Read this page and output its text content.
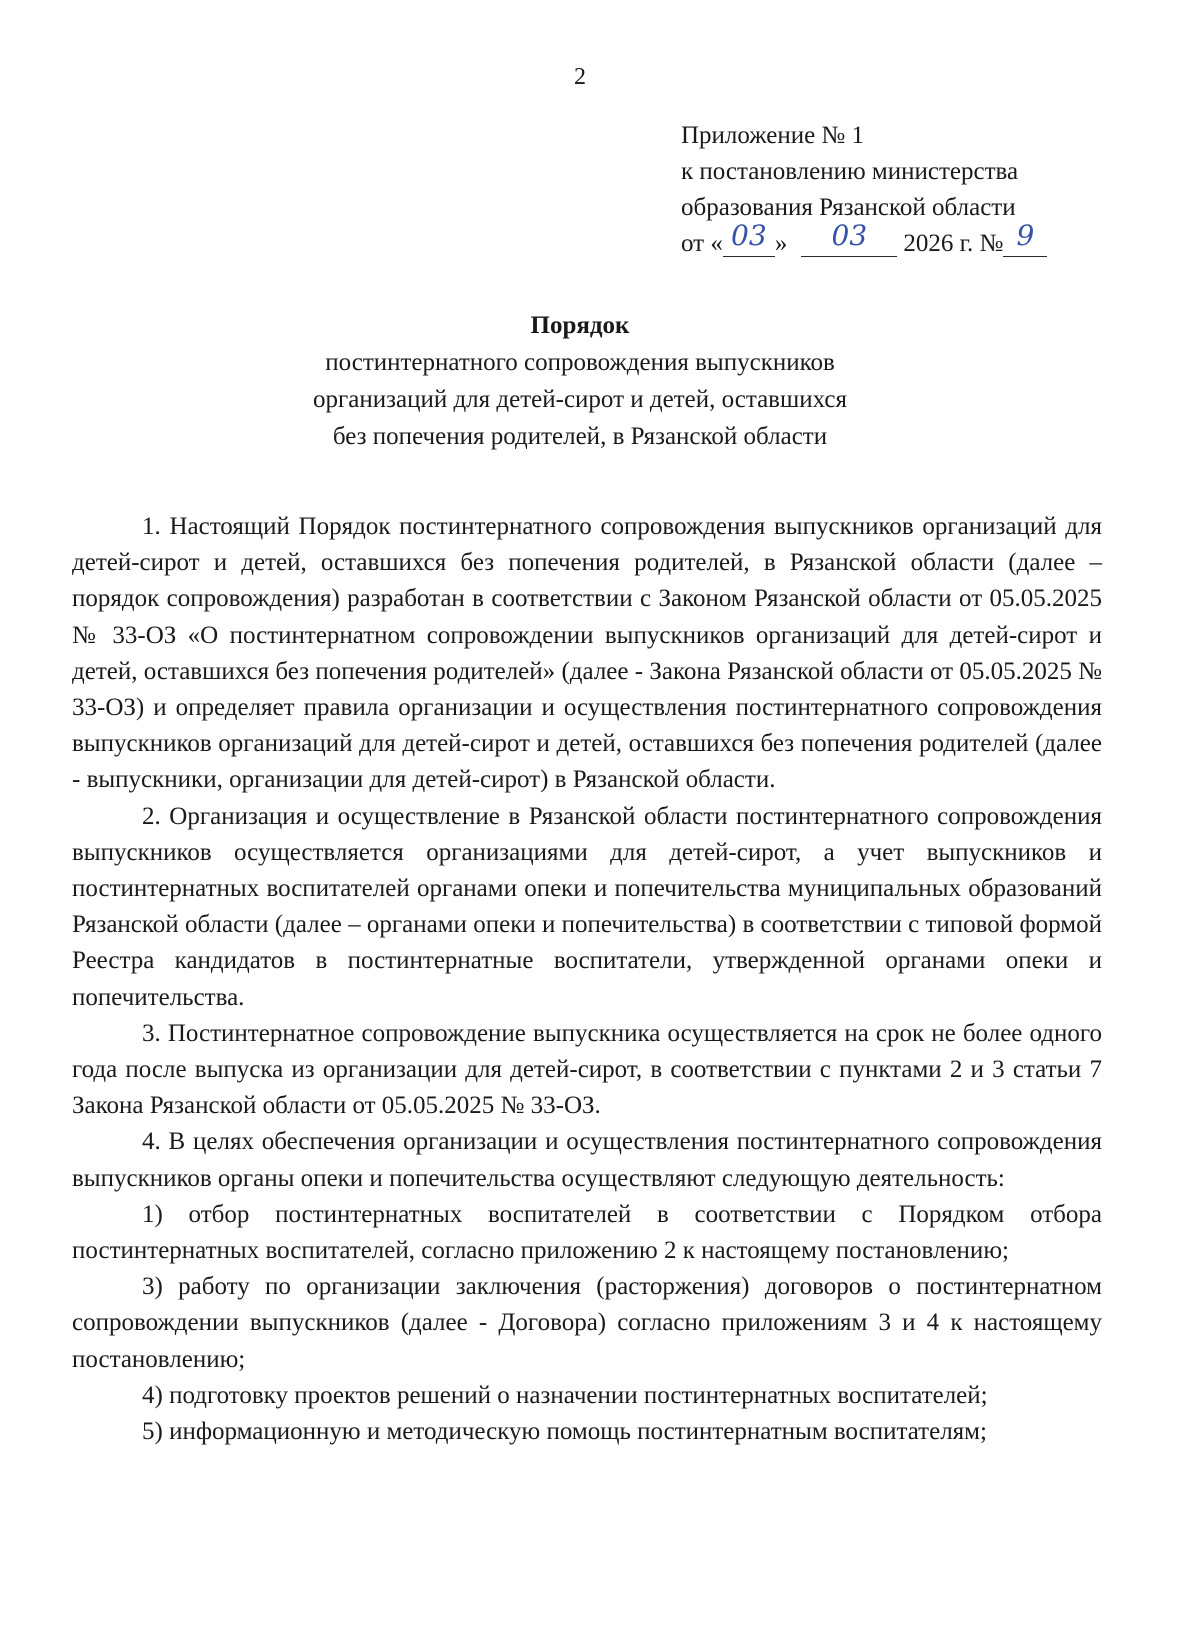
2
Приложение № 1
к постановлению министерства
образования Рязанской области
от « 03 » 03 2026 г. № 9
Порядок
постинтернатного сопровождения выпускников
организаций для детей-сирот и детей, оставшихся
без попечения родителей, в Рязанской области

1. Настоящий Порядок постинтернатного сопровождения выпускников организаций для детей-сирот и детей, оставшихся без попечения родителей, в Рязанской области (далее – порядок сопровождения) разработан в соответствии с Законом Рязанской области от 05.05.2025 № 33-ОЗ «О постинтернатном сопровождении выпускников организаций для детей-сирот и детей, оставшихся без попечения родителей» (далее - Закона Рязанской области от 05.05.2025 № 33-ОЗ) и определяет правила организации и осуществления постинтернатного сопровождения выпускников организаций для детей-сирот и детей, оставшихся без попечения родителей (далее - выпускники, организации для детей-сирот) в Рязанской области.

2. Организация и осуществление в Рязанской области постинтернатного сопровождения выпускников осуществляется организациями для детей-сирот, а учет выпускников и постинтернатных воспитателей органами опеки и попечительства муниципальных образований Рязанской области (далее – органами опеки и попечительства) в соответствии с типовой формой Реестра кандидатов в постинтернатные воспитатели, утвержденной органами опеки и попечительства.

3. Постинтернатное сопровождение выпускника осуществляется на срок не более одного года после выпуска из организации для детей-сирот, в соответствии с пунктами 2 и 3 статьи 7 Закона Рязанской области от 05.05.2025 № 33-ОЗ.

4. В целях обеспечения организации и осуществления постинтернатного сопровождения выпускников органы опеки и попечительства осуществляют следующую деятельность:

1) отбор постинтернатных воспитателей в соответствии с Порядком отбора постинтернатных воспитателей, согласно приложению 2 к настоящему постановлению;

3) работу по организации заключения (расторжения) договоров о постинтернатном сопровождении выпускников (далее - Договора) согласно приложениям 3 и 4 к настоящему постановлению;

4) подготовку проектов решений о назначении постинтернатных воспитателей;

5) информационную и методическую помощь постинтернатным воспитателям;
